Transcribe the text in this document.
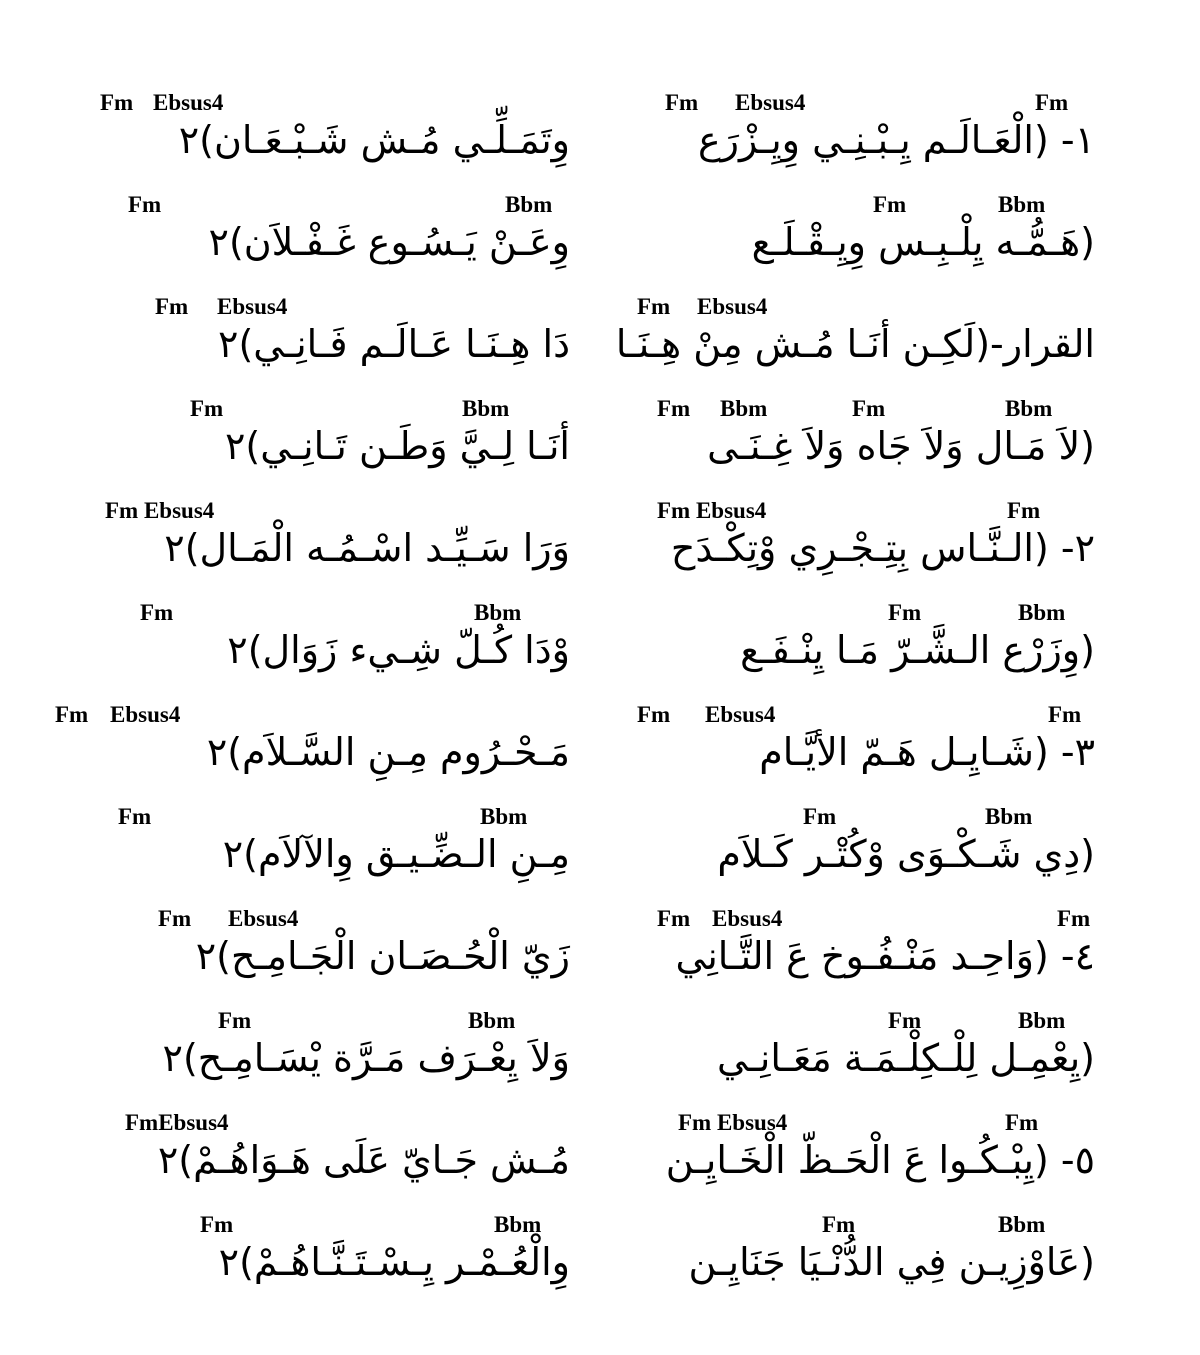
Fm Ebsus4	Fm
١- (الْعَـالَـم يِـبْـنِـي وِيِـزْرَع
Fm Ebsus4
وِتَمَـلِّـي مُـش شَـبْـعَـان)٢
Fm	Bbm
(هَـمُّـه يِلْـبِـس وِيِـقْـلَـع
Fm	Bbm
وِعَـنْ يَـسُـوع غَـفْـلاَن)٢
Fm Ebsus4
القرار-(لَكِـن أنَـا مُـش مِنْ هِـنَـا
Fm Ebsus4
دَا هِـنَـا عَـالَـم فَـانِـي)٢
Fm Bbm	Fm	Bbm
(لاَ مَـال وَلاَ جَاه وَلاَ غِـنَـى
Fm	Bbm
أنَـا لِـيَّ وَطَـن تَـانِـي)٢
Fm Ebsus4	Fm
٢- (الـنَّـاس بِتِـجْـرِي وْتِكْـدَح
Fm Ebsus4
وَرَا سَـيِّـد اسْـمُـه الْمَـال)٢
Fm	Bbm
(وِزَرْع الـشَّـرّ مَـا يِنْـفَـع
Fm	Bbm
وْدَا كُـلّ شِـيء زَوَال)٢
Fm Ebsus4	Fm
٣- (شَـايِـل هَـمّ الأيَّـام
Fm Ebsus4
مَـحْـرُوم مِـنِ السَّـلاَم)٢
Fm	Bbm
(دِي شَـكْـوَى وْكُتْـر كَـلاَم
Fm	Bbm
مِـنِ الـضِّـيـق وِالآلاَم)٢
Fm Ebsus4	Fm
٤- (وَاحِـد مَنْـفُـوخ عَ التَّـانِي
Fm Ebsus4
زَيّ الْحُـصَـان الْجَـامِـح)٢
Fm	Bbm
(يِعْمِـل لِلْـكِلْـمَـة مَعَـانِـي
Fm	Bbm
وَلاَ يِعْـرَف مَـرَّة يْسَـامِـح)٢
Fm Ebsus4	Fm
٥- (يِبْـكُـوا عَ الْحَـظّ الْخَـايِـن
FmEbsus4
مُـش جَـايّ عَلَى هَـوَاهُـمْ)٢
Fm	Bbm
(عَاوْزِيـن فِي الدُّنْـيَا جَنَايِـن
Fm	Bbm
وِالْعُـمْـر يِـسْـتَـنَّـاهُـمْ)٢
